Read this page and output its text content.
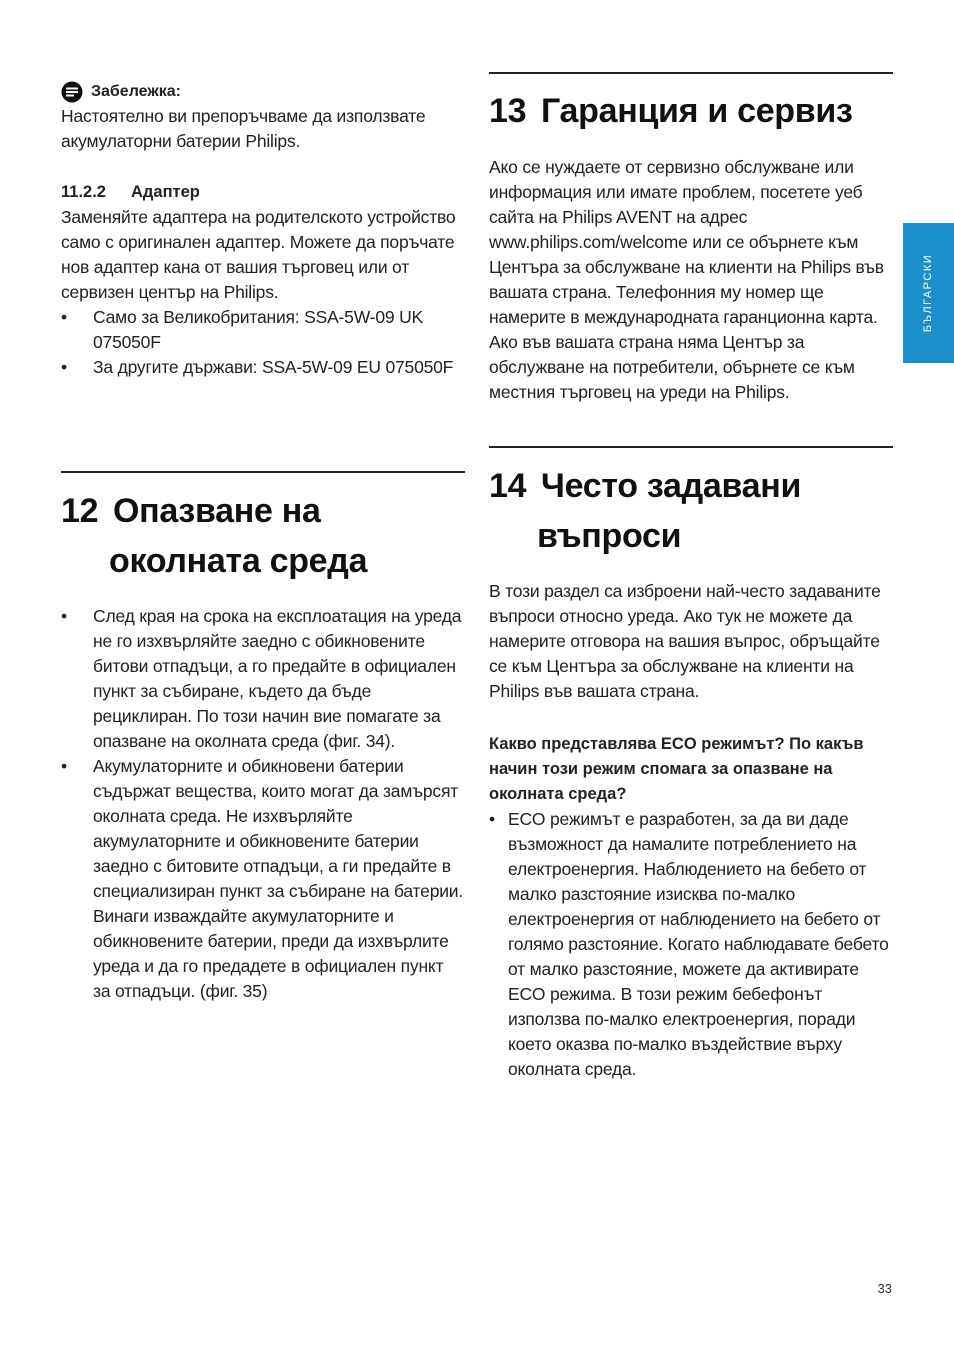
Забележка:

Настоятелно ви препоръчваме да използвате акумулаторни батерии Philips.

11.2.2 Адаптер

Заменяйте адаптера на родителското устройство само с оригинален адаптер. Можете да поръчате нов адаптер кана от вашия търговец или от сервизен център на Philips.

• Само за Великобритания: SSA-5W-09 UK 075050F
• За другите държави: SSA-5W-09 EU 075050F
12 Опазване на
околната среда
• След края на срока на експлоатация на уреда не го изхвърляйте заедно с обикновените битови отпадъци, а го предайте в официален пункт за събиране, където да бъде рециклиран. По този начин вие помагате за опазване на околната среда (фиг. 34).
• Акумулаторните и обикновени батерии съдържат вещества, които могат да замърсят околната среда. Не изхвърляйте акумулаторните и обикновените батерии заедно с битовите отпадъци, а ги предайте в специализиран пункт за събиране на батерии. Винаги изваждайте акумулаторните и обикновените батерии, преди да изхвърлите уреда и да го предадете в официален пункт за отпадъци. (фиг. 35)
13 Гаранция и сервиз

Ако се нуждаете от сервизно обслужване или информация или имате проблем, посетете уеб сайта на Philips AVENT на адрес www.philips.com/welcome или се обърнете към Центъра за обслужване на клиенти на Philips във вашата страна. Телефонния му номер ще намерите в международната гаранционна карта. Ако във вашата страна няма Център за обслужване на потребители, обърнете се към местния търговец на уреди на Philips.

14 Често задавани
въпроси

В този раздел са изброени най-често задаваните въпроси относно уреда. Ако тук не можете да намерите отговора на вашия въпрос, обръщайте се към Центъра за обслужване на клиенти на Philips във вашата страна.

Какво представлява ECO режимът? По какъв начин този режим спомага за опазване на околната среда?

• ECO режимът е разработен, за да ви даде възможност да намалите потреблението на електроенергия. Наблюдението на бебето от малко разстояние изисква по-малко електроенергия от наблюдението на бебето от голямо разстояние. Когато наблюдавате бебето от малко разстояние, можете да активирате ECO режима. В този режим бебефонът използва по-малко електроенергия, поради което оказва по-малко въздействие върху околната среда.
БЪЛГАРСКИ
33
